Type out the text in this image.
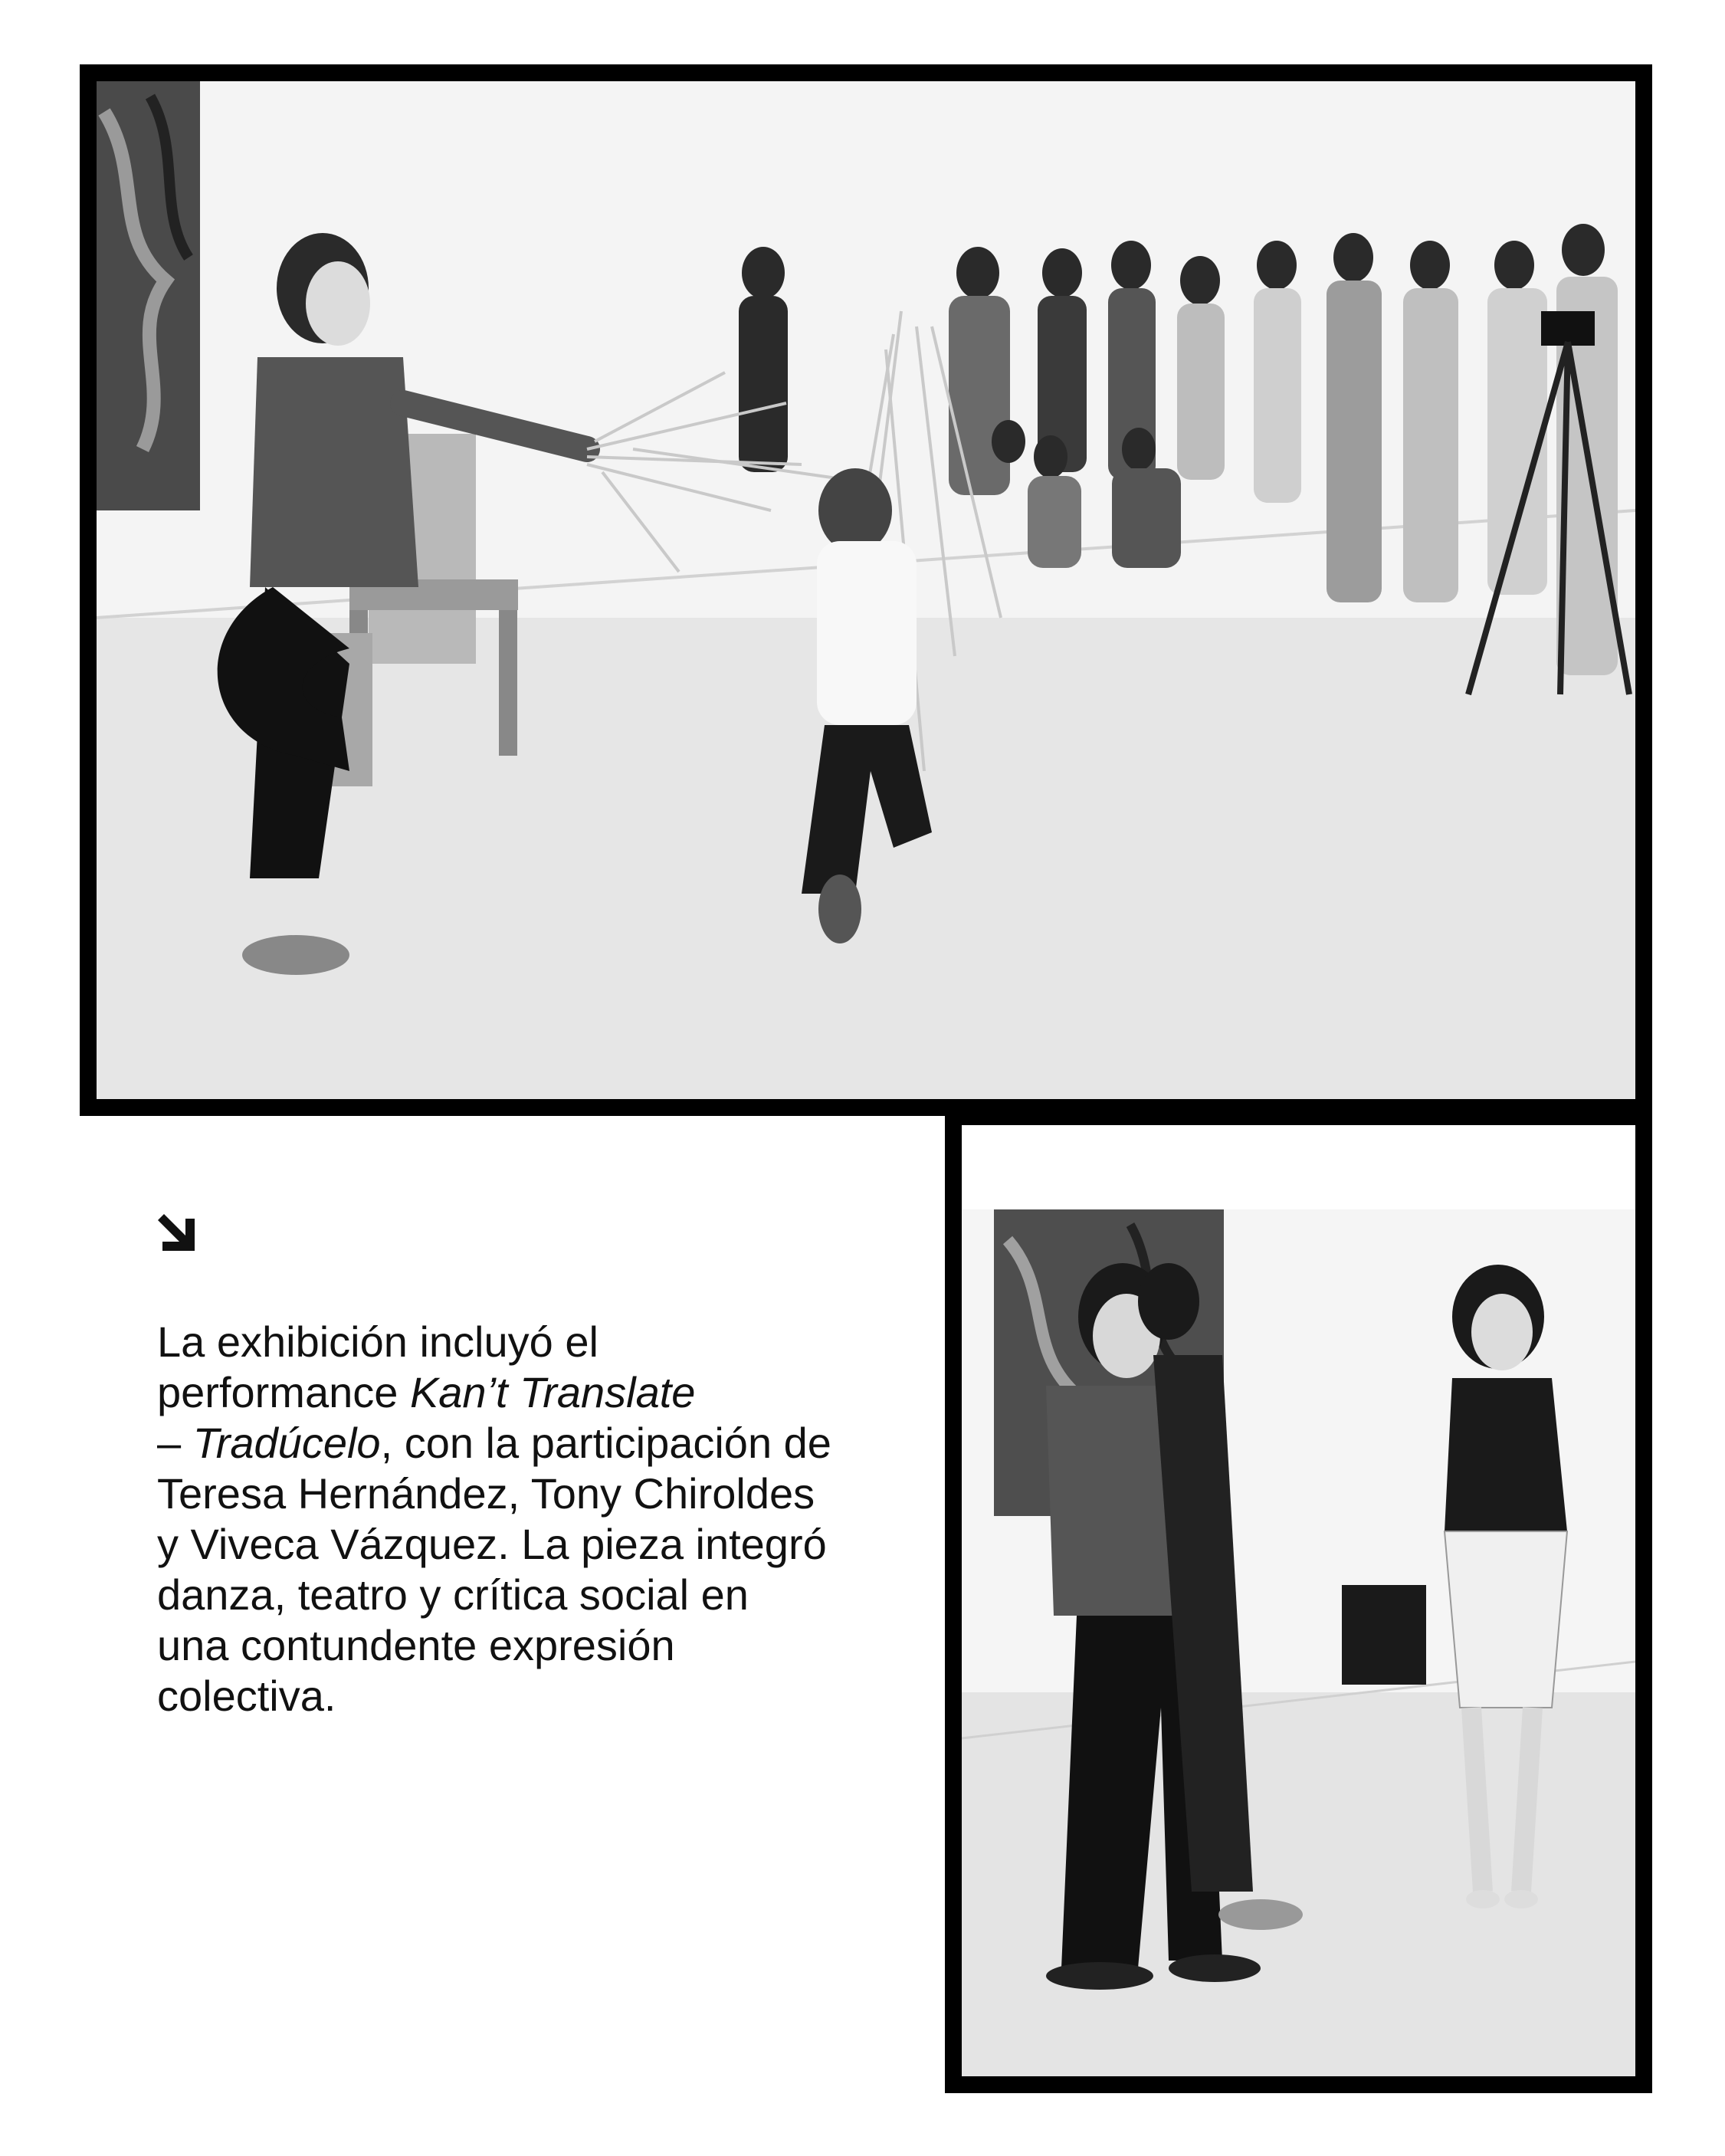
La exhibición incluyó el performance Kan’t Translate
– Tradúcelo, con la participación de Teresa Hernández, Tony Chiroldes y Viveca Vázquez. La pieza integró danza, teatro y crítica social en una contundente expresión colectiva.
